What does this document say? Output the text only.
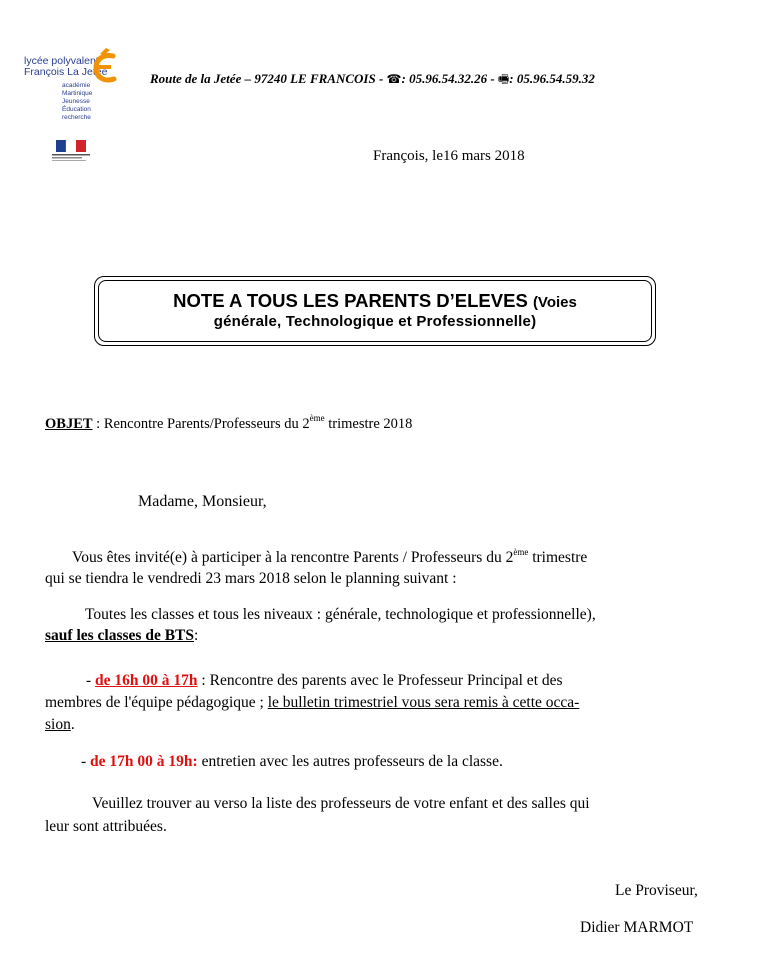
lycée polyvalent
François La Jetée
académie
Martinique
Jeunesse
Éducation
recherche
Route de la Jetée – 97240 LE FRANCOIS - ☎: 05.96.54.32.26 - 🖷: 05.96.54.59.32
François, le16 mars 2018
NOTE A TOUS LES PARENTS D’ELEVES (Voies
générale, Technologique et Professionnelle)
OBJET : Rencontre Parents/Professeurs du 2ème trimestre 2018
Madame, Monsieur,
Vous êtes invité(e) à participer à la rencontre Parents / Professeurs du 2ème trimestre
qui se tiendra le vendredi 23 mars 2018 selon le planning suivant :
Toutes les classes et tous les niveaux : générale, technologique et professionnelle),
sauf les classes de BTS:
- de 16h 00 à 17h : Rencontre des parents avec le Professeur Principal et des
membres de l'équipe pédagogique ; le bulletin trimestriel vous sera remis à cette occa-
sion.
- de 17h 00 à 19h: entretien avec les autres professeurs de la classe.
Veuillez trouver au verso la liste des professeurs de votre enfant et des salles qui
leur sont attribuées.
Le Proviseur,
Didier MARMOT
